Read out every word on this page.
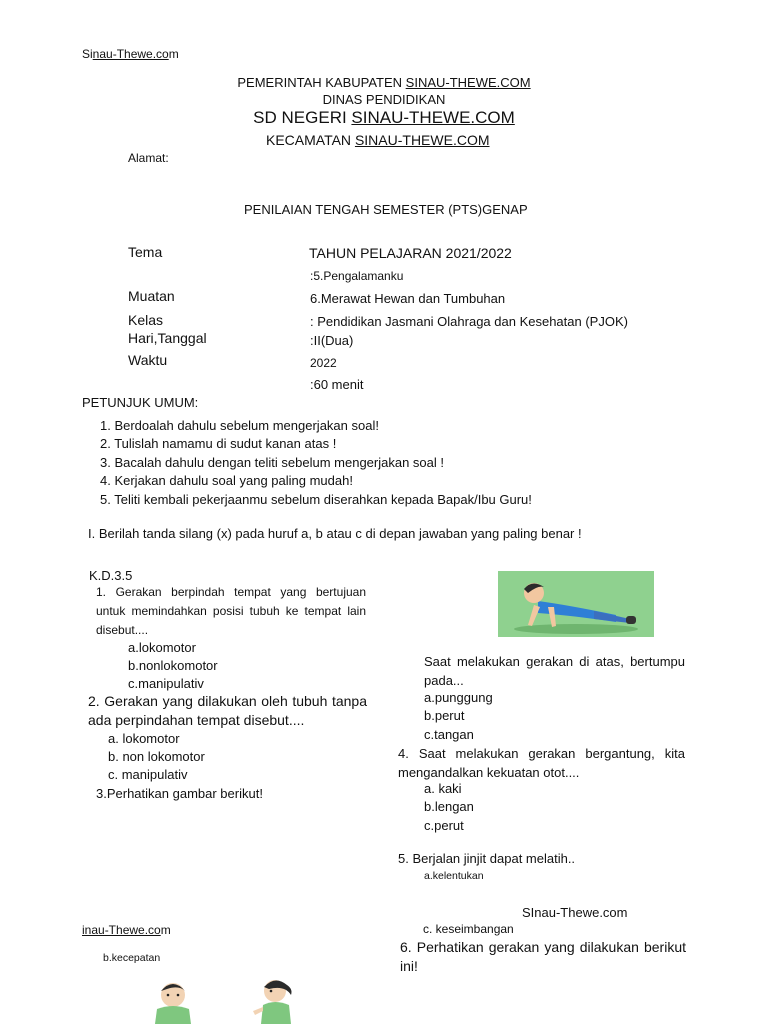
Sinau-Thewe.com
PEMERINTAH KABUPATEN SINAU-THEWE.COM
DINAS PENDIDIKAN
SD NEGERI SINAU-THEWE.COM
KECAMATAN SINAU-THEWE.COM
Alamat:
PENILAIAN TENGAH SEMESTER (PTS)GENAP
Tema	TAHUN PELAJARAN 2021/2022
:5.Pengalamanku
Muatan	6.Merawat Hewan dan Tumbuhan
Kelas	: Pendidikan Jasmani Olahraga dan Kesehatan (PJOK)
Hari,Tanggal	:II(Dua)
Waktu	2022
:60 menit
PETUNJUK UMUM:
1. Berdoalah dahulu sebelum mengerjakan soal!
2. Tulislah namamu di sudut kanan atas !
3. Bacalah dahulu dengan teliti sebelum mengerjakan soal !
4. Kerjakan dahulu soal yang paling mudah!
5. Teliti kembali pekerjaanmu sebelum diserahkan kepada Bapak/Ibu Guru!
I. Berilah tanda silang (x) pada huruf a, b atau c di depan jawaban yang paling benar !
K.D.3.5
1. Gerakan berpindah tempat yang bertujuan untuk memindahkan posisi tubuh ke tempat lain disebut....
a.lokomotor
b.nonlokomotor
c.manipulativ
2. Gerakan yang dilakukan oleh tubuh tanpa ada perpindahan tempat disebut....
a. lokomotor
b. non lokomotor
c. manipulativ
3.Perhatikan gambar berikut!
Saat melakukan gerakan di atas, bertumpu pada...
a.punggung
b.perut
c.tangan
4. Saat melakukan gerakan bergantung, kita mengandalkan kekuatan otot....
a. kaki
b.lengan
c.perut
5. Berjalan jinjit dapat melatih..
a.kelentukan
SInau-Thewe.com
inau-Thewe.com	c. keseimbangan
6. Perhatikan gerakan yang dilakukan berikut ini!
b.kecepatan
